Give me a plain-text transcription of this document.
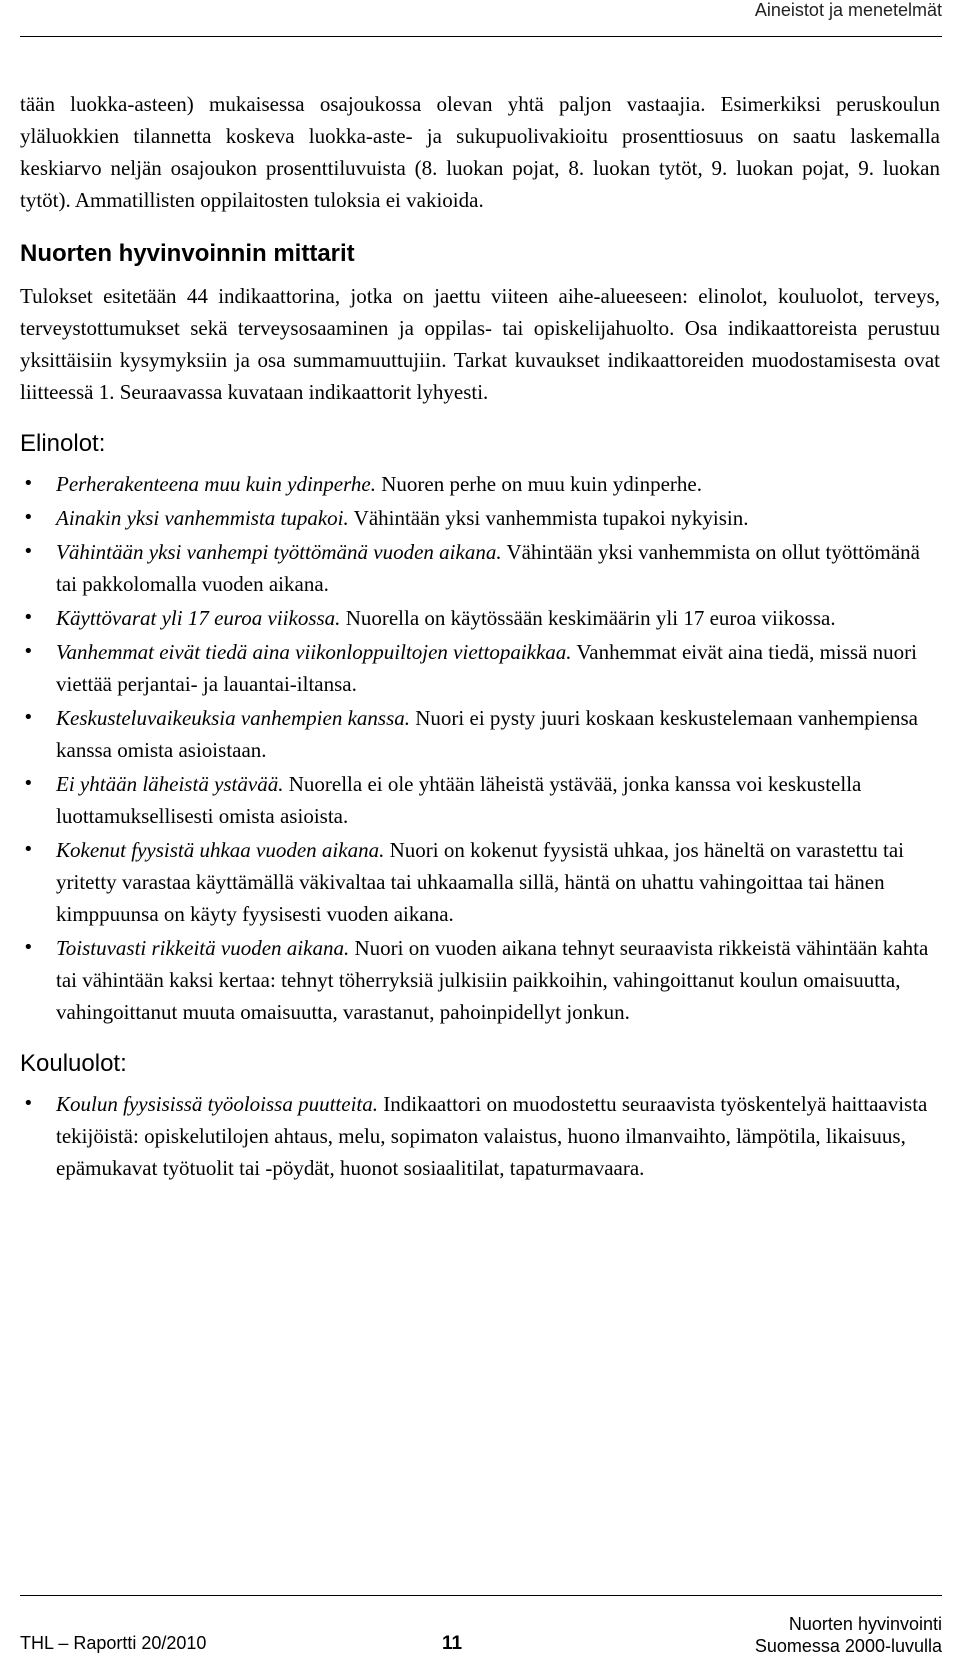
Aineistot ja menetelmät

tään luokka-asteen) mukaisessa osajoukossa olevan yhtä paljon vastaajia. Esimerkiksi peruskoulun yläluokkien tilannetta koskeva luokka-aste- ja sukupuolivakioitu prosenttiosuus on saatu laskemalla keskiarvo neljän osajoukon prosenttiluvuista (8. luokan pojat, 8. luokan tytöt, 9. luokan pojat, 9. luokan tytöt). Ammatillisten oppilaitosten tuloksia ei vakioida.

Nuorten hyvinvoinnin mittarit

Tulokset esitetään 44 indikaattorina, jotka on jaettu viiteen aihe-alueeseen: elinolot, kouluolot, terveys, terveystottumukset sekä terveysosaaminen ja oppilas- tai opiskelijahuolto. Osa indikaattoreista perustuu yksittäisiin kysymyksiin ja osa summamuuttujiin. Tarkat kuvaukset indikaattoreiden muodostamisesta ovat liitteessä 1. Seuraavassa kuvataan indikaattorit lyhyesti.

Elinolot:
• Perherakenteena muu kuin ydinperhe. Nuoren perhe on muu kuin ydinperhe.
• Ainakin yksi vanhemmista tupakoi. Vähintään yksi vanhemmista tupakoi nykyisin.
• Vähintään yksi vanhempi työttömänä vuoden aikana. Vähintään yksi vanhemmista on ollut työttömänä tai pakkolomalla vuoden aikana.
• Käyttövarat yli 17 euroa viikossa. Nuorella on käytössään keskimäärin yli 17 euroa viikossa.
• Vanhemmat eivät tiedä aina viikonloppuiltojen viettopaikkaa. Vanhemmat eivät aina tiedä, missä nuori viettää perjantai- ja lauantai-iltansa.
• Keskusteluvaikeuksia vanhempien kanssa. Nuori ei pysty juuri koskaan keskustelemaan vanhempiensa kanssa omista asioistaan.
• Ei yhtään läheistä ystävää. Nuorella ei ole yhtään läheistä ystävää, jonka kanssa voi keskustella luottamuksellisesti omista asioista.
• Kokenut fyysistä uhkaa vuoden aikana. Nuori on kokenut fyysistä uhkaa, jos häneltä on varastettu tai yritetty varastaa käyttämällä väkivaltaa tai uhkaamalla sillä, häntä on uhattu vahingoittaa tai hänen kimppuunsa on käyty fyysisesti vuoden aikana.
• Toistuvasti rikkeitä vuoden aikana. Nuori on vuoden aikana tehnyt seuraavista rikkeistä vähintään kahta tai vähintään kaksi kertaa: tehnyt töherryksiä julkisiin paikkoihin, vahingoittanut koulun omaisuutta, vahingoittanut muuta omaisuutta, varastanut, pahoinpidellyt jonkun.
Kouluolot:
• Koulun fyysisissä työoloissa puutteita. Indikaattori on muodostettu seuraavista työskentelyä haittaavista tekijöistä: opiskelutilojen ahtaus, melu, sopimaton valaistus, huono ilmanvaihto, lämpötila, likaisuus, epämukavat työtuolit tai -pöydät, huonot sosiaalitilat, tapaturmavaara.
THL – Raportti 20/2010	11
Nuorten hyvinvointi
Suomessa 2000-luvulla
